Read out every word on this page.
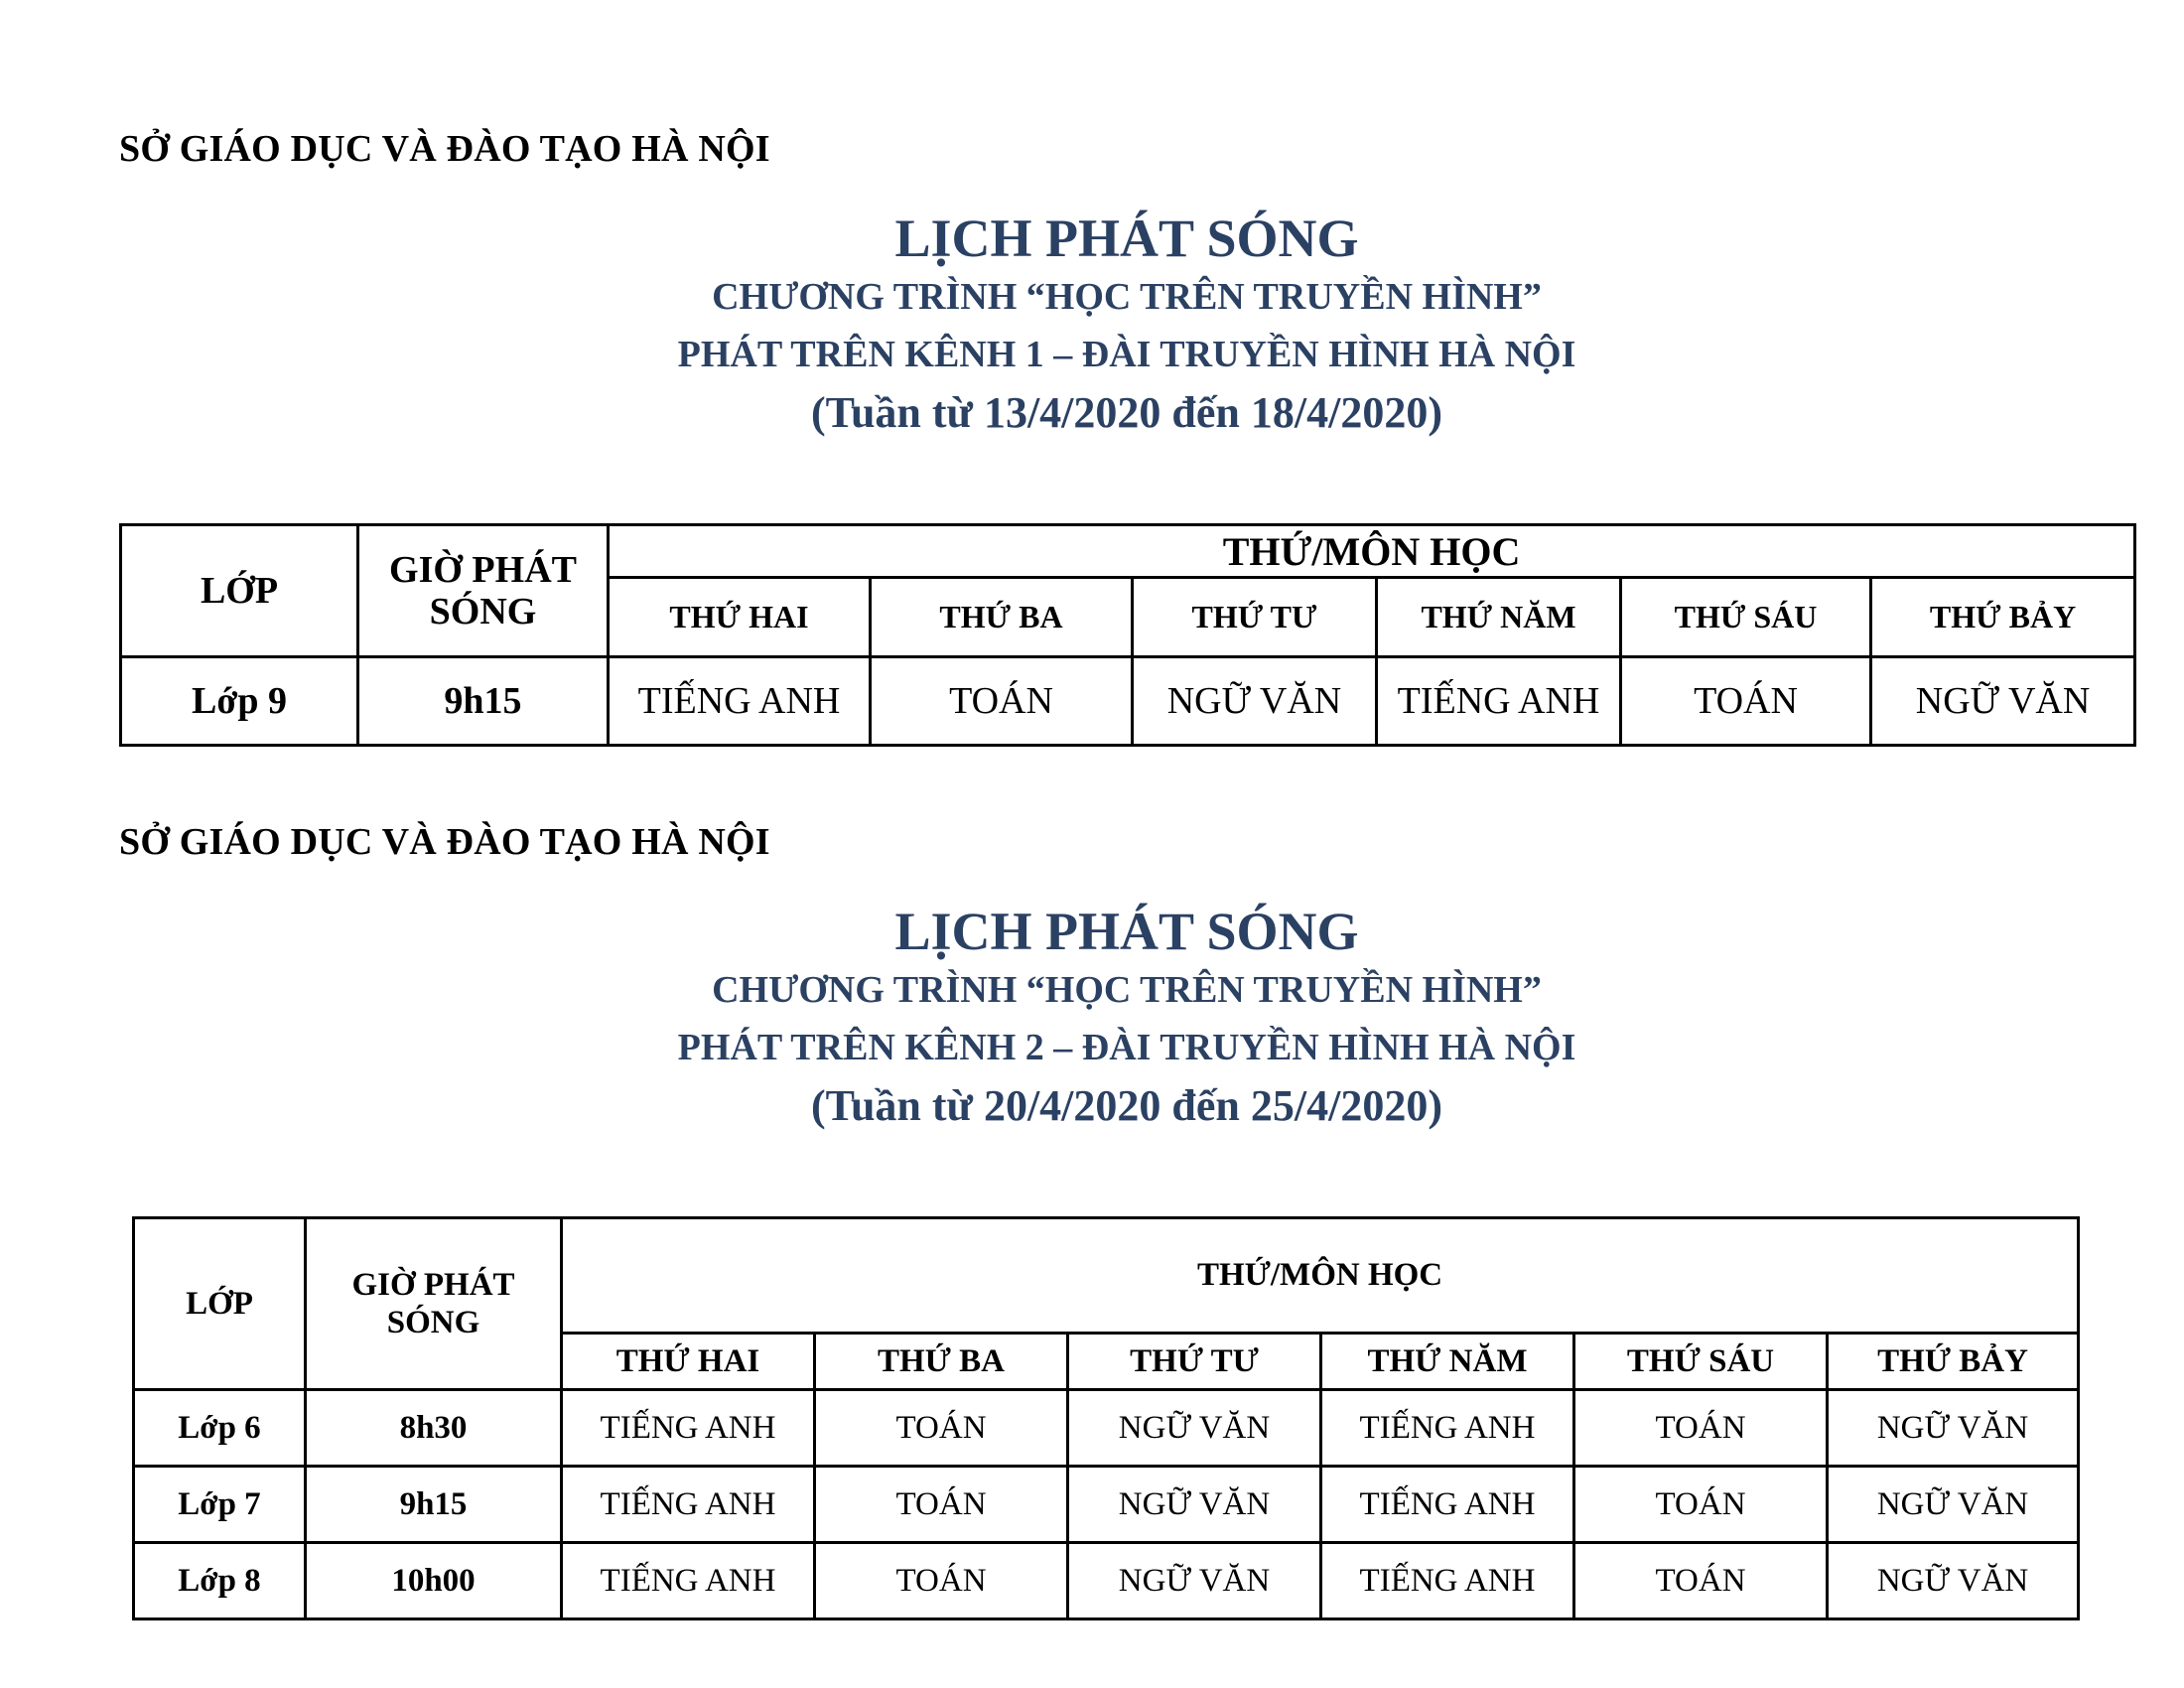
SỞ GIÁO DỤC VÀ ĐÀO TẠO HÀ NỘI
LỊCH PHÁT SÓNG
CHƯƠNG TRÌNH “HỌC TRÊN TRUYỀN HÌNH”
PHÁT TRÊN KÊNH 1 – ĐÀI TRUYỀN HÌNH HÀ NỘI
(Tuần từ 13/4/2020 đến 18/4/2020)
LỚP	GIỜ PHÁT SÓNG	THỨ/MÔN HỌC					
		THỨ HAI	THỨ BA	THỨ TƯ	THỨ NĂM	THỨ SÁU	THỨ BẢY
Lớp 9	9h15	TIẾNG ANH	TOÁN	NGỮ VĂN	TIẾNG ANH	TOÁN	NGỮ VĂN
SỞ GIÁO DỤC VÀ ĐÀO TẠO HÀ NỘI
LỊCH PHÁT SÓNG
CHƯƠNG TRÌNH “HỌC TRÊN TRUYỀN HÌNH”
PHÁT TRÊN KÊNH 2 – ĐÀI TRUYỀN HÌNH HÀ NỘI
(Tuần từ 20/4/2020 đến 25/4/2020)
LỚP	GIỜ PHÁT SÓNG	THỨ/MÔN HỌC					
		THỨ HAI	THỨ BA	THỨ TƯ	THỨ NĂM	THỨ SÁU	THỨ BẢY
Lớp 6	8h30	TIẾNG ANH	TOÁN	NGỮ VĂN	TIẾNG ANH	TOÁN	NGỮ VĂN
Lớp 7	9h15	TIẾNG ANH	TOÁN	NGỮ VĂN	TIẾNG ANH	TOÁN	NGỮ VĂN
Lớp 8	10h00	TIẾNG ANH	TOÁN	NGỮ VĂN	TIẾNG ANH	TOÁN	NGỮ VĂN
